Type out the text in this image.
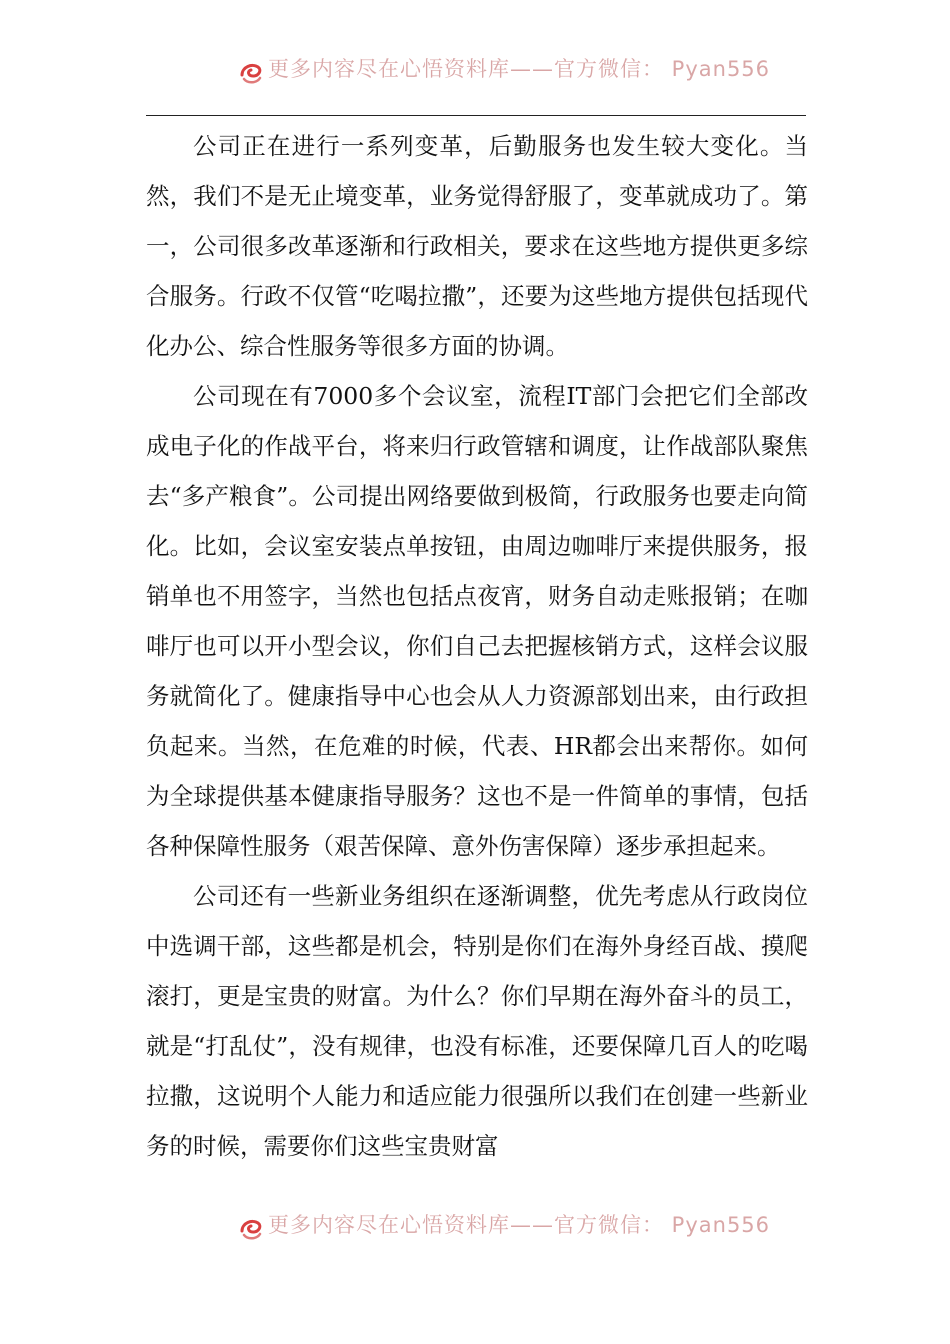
更多内容尽在心悟资料库——官方微信： Pyan556

公司正在进行一系列变革，后勤服务也发生较大变化。当然，我们不是无止境变革，业务觉得舒服了，变革就成功了。第一，公司很多改革逐渐和行政相关，要求在这些地方提供更多综合服务。行政不仅管“吃喝拉撒”，还要为这些地方提供包括现代化办公、综合性服务等很多方面的协调。

公司现在有7000多个会议室，流程IT部门会把它们全部改成电子化的作战平台，将来归行政管辖和调度，让作战部队聚焦去“多产粮食”。公司提出网络要做到极简，行政服务也要走向简化。比如，会议室安装点单按钮，由周边咖啡厅来提供服务，报销单也不用签字，当然也包括点夜宵，财务自动走账报销；在咖啡厅也可以开小型会议，你们自己去把握核销方式，这样会议服务就简化了。健康指导中心也会从人力资源部划出来，由行政担负起来。当然，在危难的时候，代表、HR都会出来帮你。如何为全球提供基本健康指导服务？这也不是一件简单的事情，包括各种保障性服务（艰苦保障、意外伤害保障）逐步承担起来。

公司还有一些新业务组织在逐渐调整，优先考虑从行政岗位中选调干部，这些都是机会，特别是你们在海外身经百战、摸爬滚打，更是宝贵的财富。为什么？你们早期在海外奋斗的员工，就是“打乱仗”，没有规律，也没有标准，还要保障几百人的吃喝拉撒，这说明个人能力和适应能力很强所以我们在创建一些新业务的时候，需要你们这些宝贵财富

更多内容尽在心悟资料库——官方微信： Pyan556
